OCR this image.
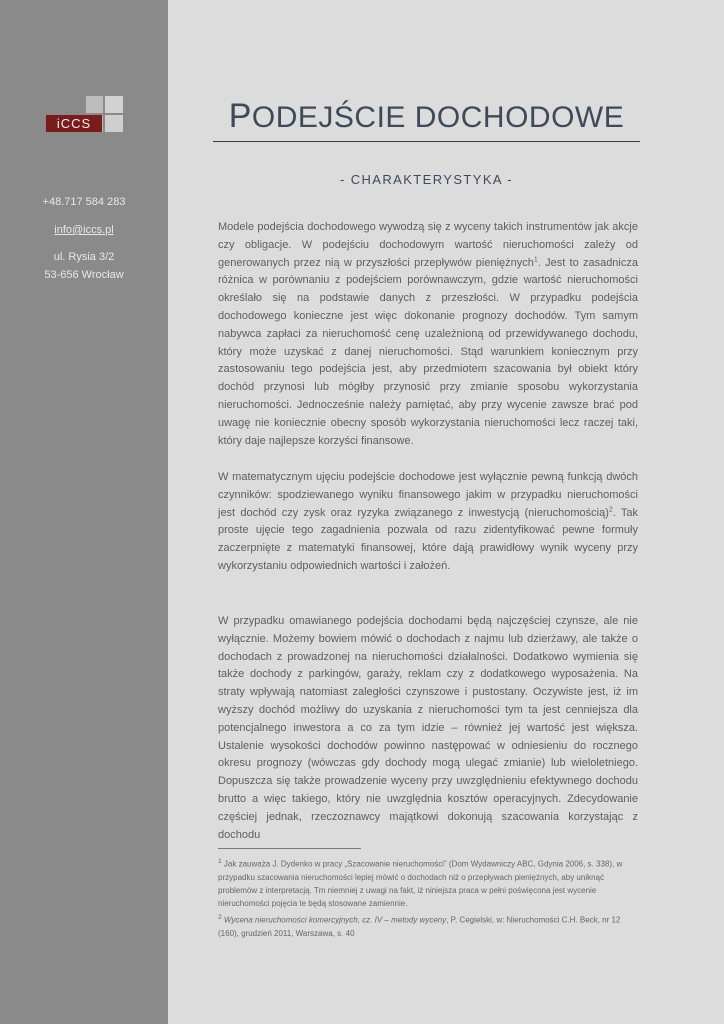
iCCS
+48.717 584 283
info@iccs.pl
ul. Rysia 3/2
53-656 Wrocław
PODEJŚCIE DOCHODOWE
- CHARAKTERYSTYKA -
Modele podejścia dochodowego wywodzą się z wyceny takich instrumentów jak akcje czy obligacje. W podejściu dochodowym wartość nieruchomości zależy od generowanych przez nią w przyszłości przepływów pieniężnych$^1$. Jest to zasadnicza różnica w porównaniu z podejściem porównawczym, gdzie wartość nieruchomości określało się na podstawie danych z przeszłości. W przypadku podejścia dochodowego konieczne jest więc dokonanie prognozy dochodów. Tym samym nabywca zapłaci za nieruchomość cenę uzależnioną od przewidywanego dochodu, który może uzyskać z danej nieruchomości. Stąd warunkiem koniecznym przy zastosowaniu tego podejścia jest, aby przedmiotem szacowania był obiekt który dochód przynosi lub mógłby przynosić przy zmianie sposobu wykorzystania nieruchomości. Jednocześnie należy pamiętać, aby przy wycenie zawsze brać pod uwagę nie koniecznie obecny sposób wykorzystania nieruchomości lecz raczej taki, który daje najlepsze korzyści finansowe.
W matematycznym ujęciu podejście dochodowe jest wyłącznie pewną funkcją dwóch czynników: spodziewanego wyniku finansowego jakim w przypadku nieruchomości jest dochód czy zysk oraz ryzyka związanego z inwestycją (nieruchomością)$^2$. Tak proste ujęcie tego zagadnienia pozwala od razu zidentyfikować pewne formuły zaczerpnięte z matematyki finansowej, które dają prawidłowy wynik wyceny przy wykorzystaniu odpowiednich wartości i założeń.
W przypadku omawianego podejścia dochodami będą najczęściej czynsze, ale nie wyłącznie. Możemy bowiem mówić o dochodach z najmu lub dzierżawy, ale także o dochodach z prowadzonej na nieruchomości działalności. Dodatkowo wymienia się także dochody z parkingów, garaży, reklam czy z dodatkowego wyposażenia. Na straty wpływają natomiast zaległości czynszowe i pustostany. Oczywiste jest, iż im wyższy dochód możliwy do uzyskania z nieruchomości tym ta jest cenniejsza dla potencjalnego inwestora a co za tym idzie – również jej wartość jest większa. Ustalenie wysokości dochodów powinno następować w odniesieniu do rocznego okresu prognozy (wówczas gdy dochody mogą ulegać zmianie) lub wieloletniego. Dopuszcza się także prowadzenie wyceny przy uwzględnieniu efektywnego dochodu brutto a więc takiego, który nie uwzględnia kosztów operacyjnych. Zdecydowanie częściej jednak, rzeczoznawcy majątkowi dokonują szacowania korzystając z dochodu
$^1$ Jak zauważa J. Dydenko w pracy „Szacowanie nieruchomości” (Dom Wydawniczy ABC, Gdynia 2006, s. 338), w przypadku szacowania nieruchomości lepiej mówić o dochodach niż o przepływach pieniężnych, aby uniknąć problemów z interpretacją. Tm niemniej z uwagi na fakt, iż niniejsza praca w pełni poświęcona jest wycenie nieruchomości pojęcia te będą stosowane zamiennie.
$^2$ Wycena nieruchomości komercyjnych, cz. IV – metody wyceny, P. Cegielski, w: Nieruchomości C.H. Beck, nr 12 (160), grudzień 2011, Warszawa, s. 40
